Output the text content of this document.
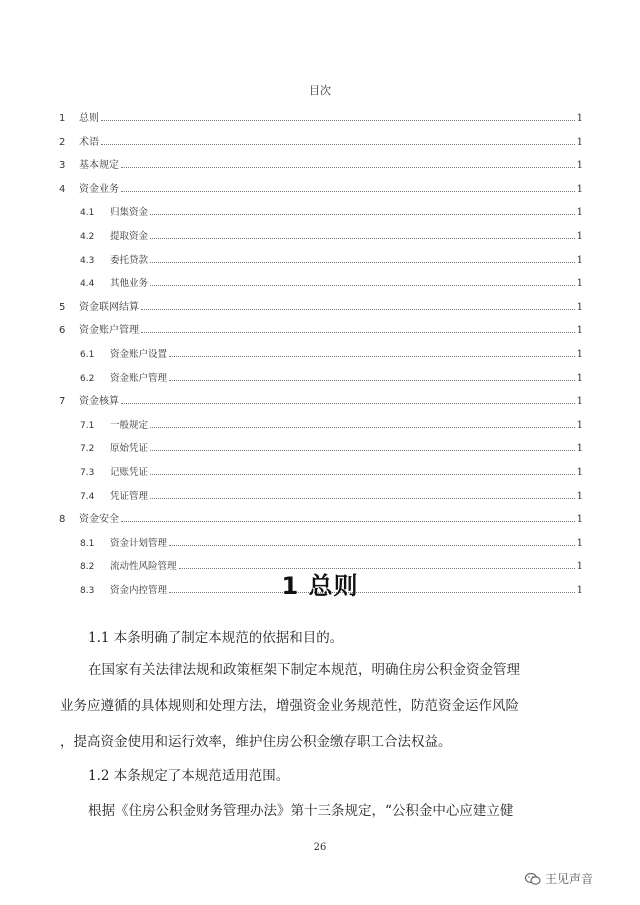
目次
1	总则	1
2	术语	1
3	基本规定	1
4	资金业务	1
4.1	归集资金	1
4.2	提取资金	1
4.3	委托贷款	1
4.4	其他业务	1
5	资金联网结算	1
6	资金账户管理	1
6.1	资金账户设置	1
6.2	资金账户管理	1
7	资金核算	1
7.1	一般规定	1
7.2	原始凭证	1
7.3	记账凭证	1
7.4	凭证管理	1
8	资金安全	1
8.1	资金计划管理	1
8.2	流动性风险管理	1
8.3	资金内控管理	1
1 总则
1.1 本条明确了制定本规范的依据和目的。
在国家有关法律法规和政策框架下制定本规范，明确住房公积金资金管理
业务应遵循的具体规则和处理方法，增强资金业务规范性，防范资金运作风险
，提高资金使用和运行效率，维护住房公积金缴存职工合法权益。
1.2 本条规定了本规范适用范围。
根据《住房公积金财务管理办法》第十三条规定，“公积金中心应建立健
26
王见声音
